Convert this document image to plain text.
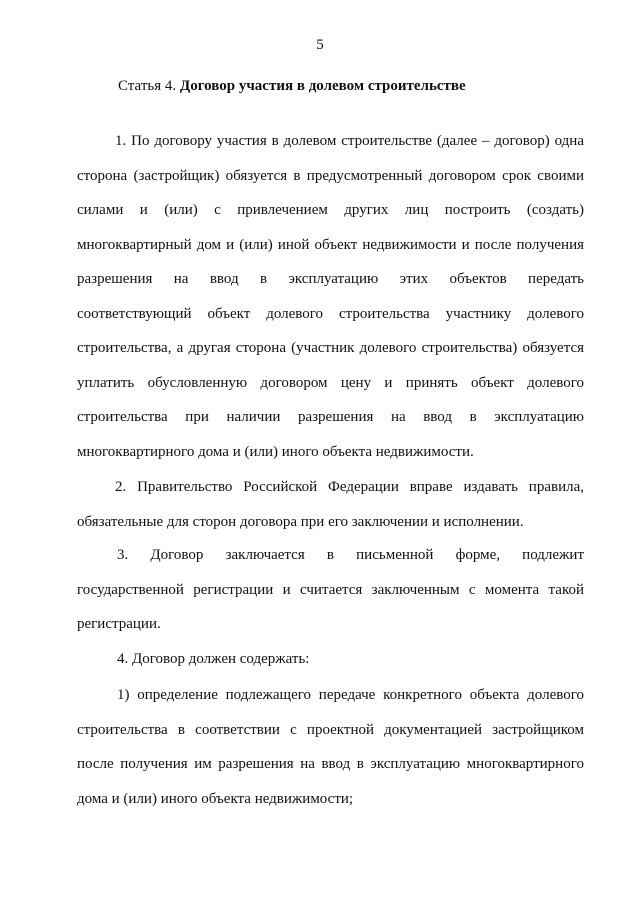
5
Статья 4. Договор участия в долевом строительстве
1. По договору участия в долевом строительстве (далее – договор) одна
сторона (застройщик) обязуется в предусмотренный договором срок своими
силами и (или) с привлечением других лиц построить (создать)
многоквартирный дом и (или) иной объект недвижимости и после получения
разрешения на ввод в эксплуатацию этих объектов передать
соответствующий объект долевого строительства участнику долевого
строительства, а другая сторона (участник долевого строительства) обязуется
уплатить обусловленную договором цену и принять объект долевого
строительства при наличии разрешения на ввод в эксплуатацию
многоквартирного дома и (или) иного объекта недвижимости.
2. Правительство Российской Федерации вправе издавать правила,
обязательные для сторон договора при его заключении и исполнении.
3. Договор заключается в письменной форме, подлежит
государственной регистрации и считается заключенным с момента такой
регистрации.
4. Договор должен содержать:
1) определение подлежащего передаче конкретного объекта долевого
строительства в соответствии с проектной документацией застройщиком
после получения им разрешения на ввод в эксплуатацию многоквартирного
дома и (или) иного объекта недвижимости;
